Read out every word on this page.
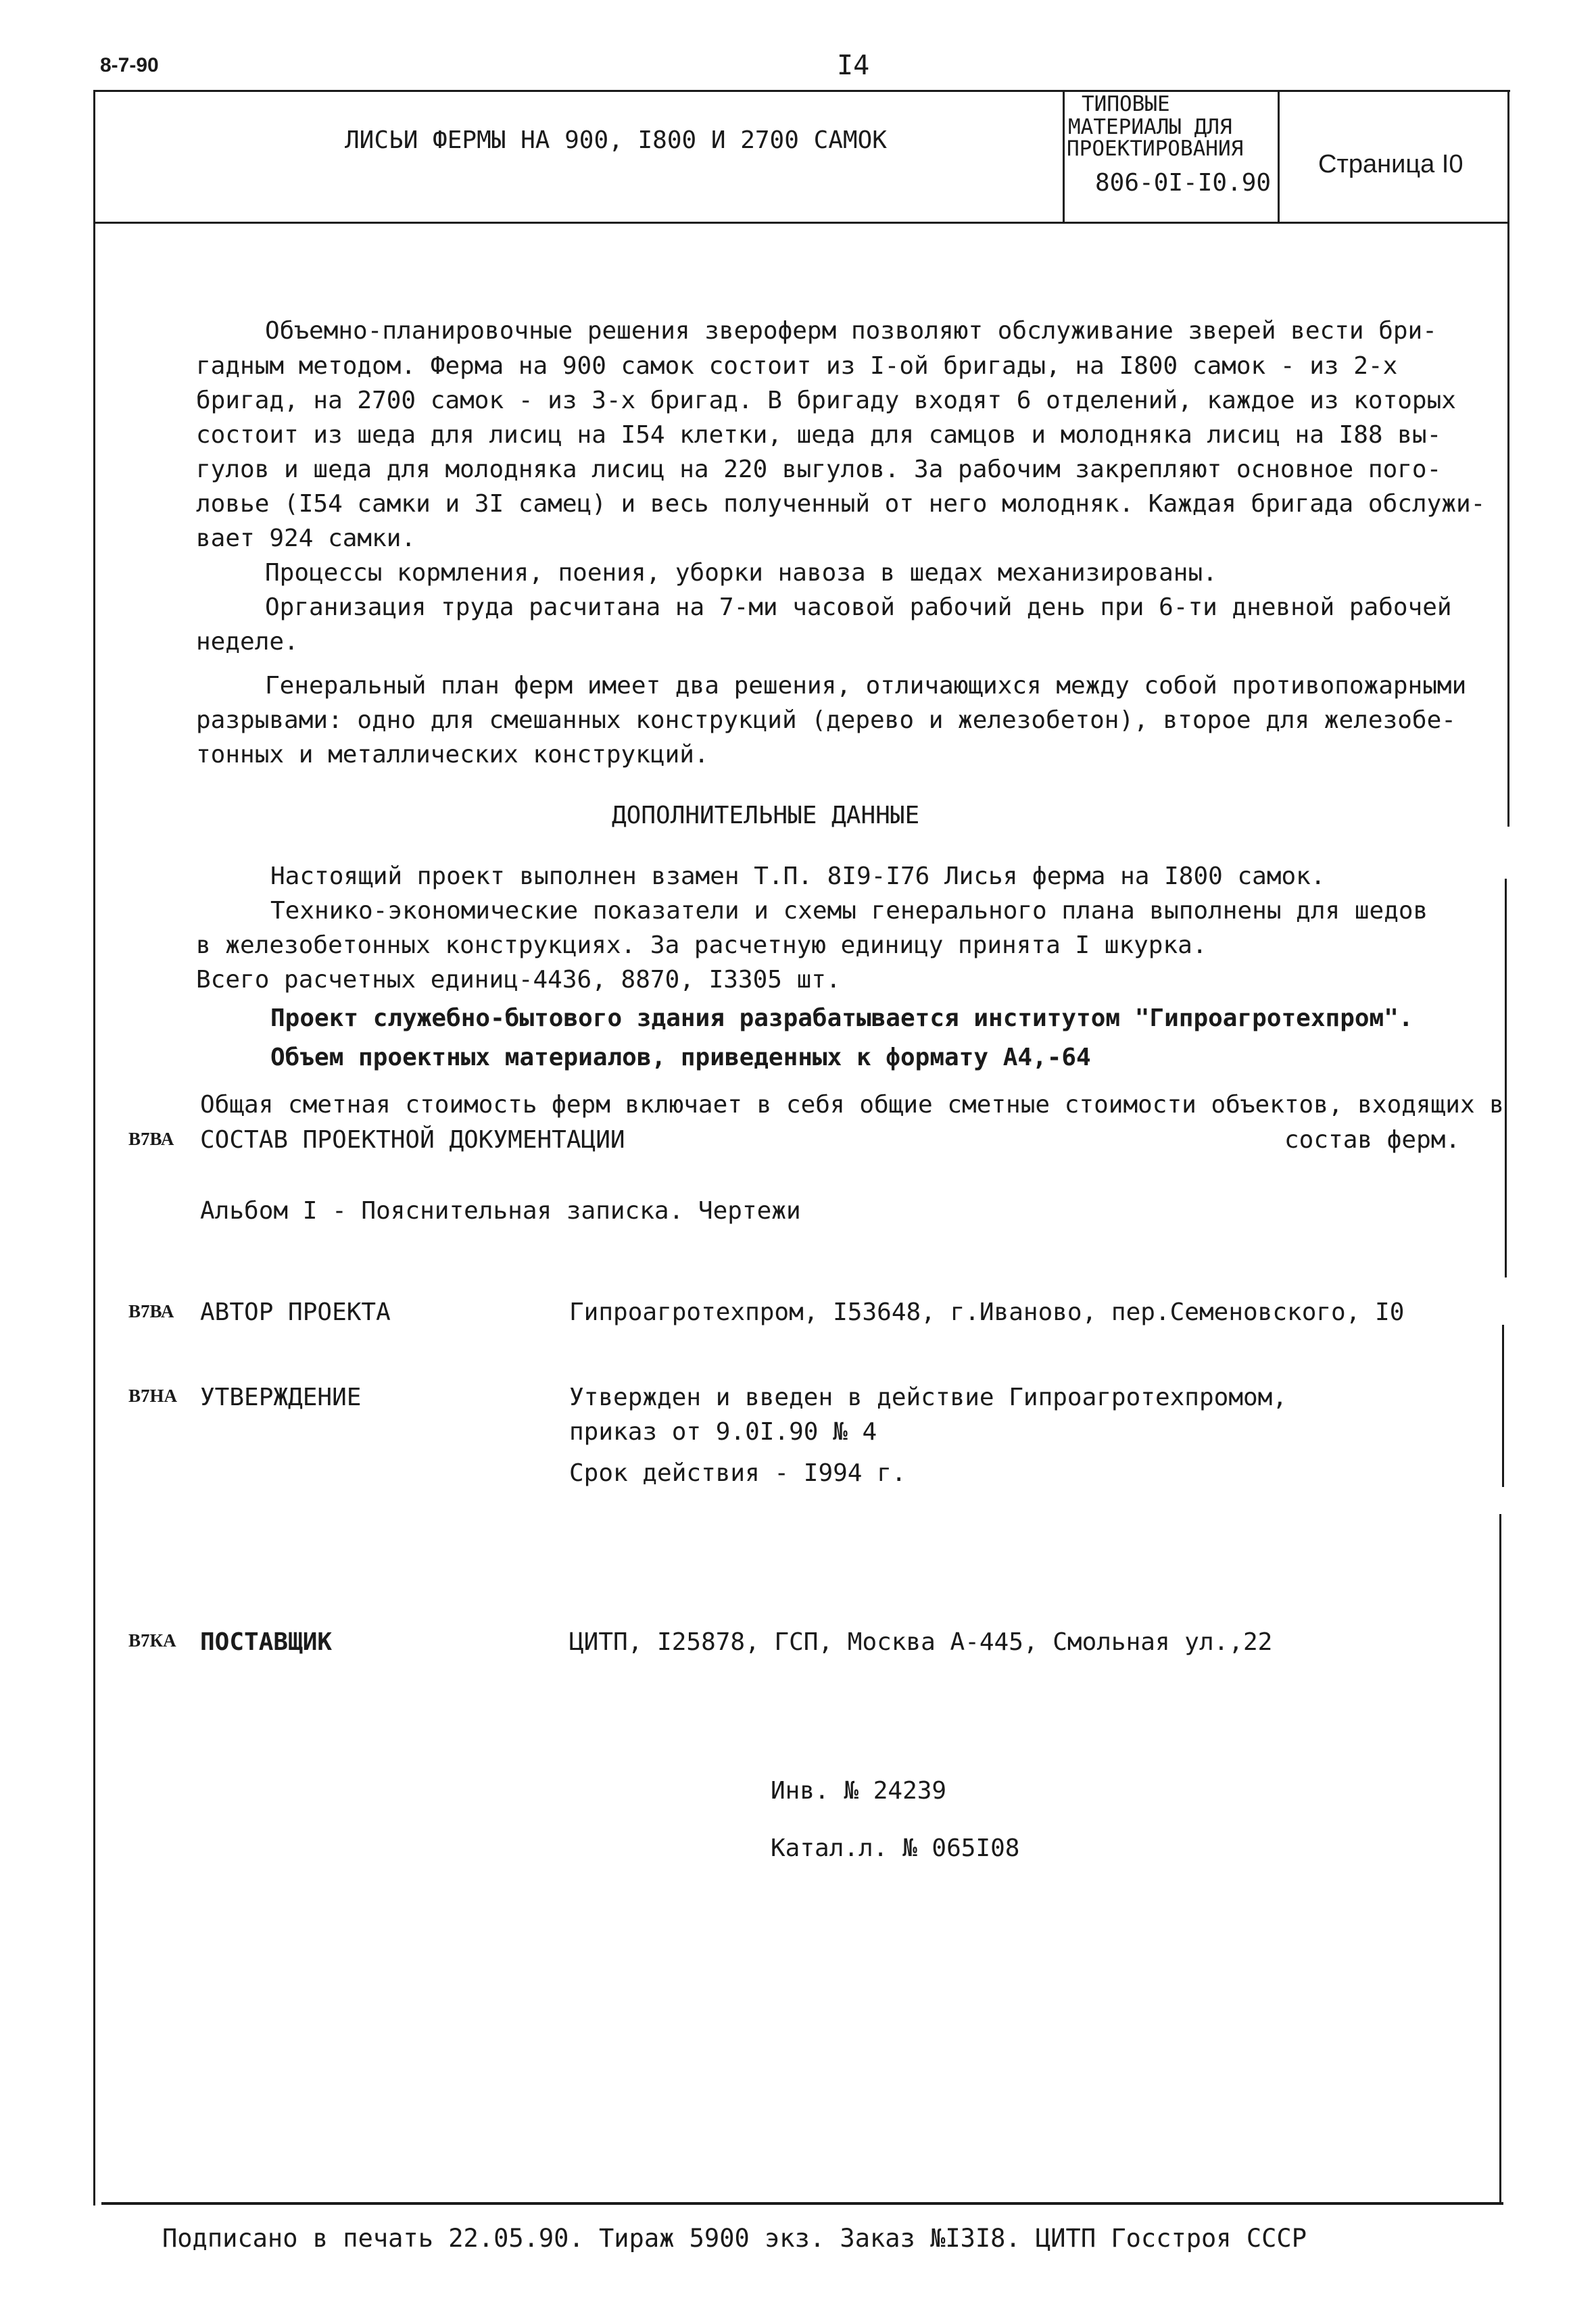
8-7-90	I4
ЛИСЬИ ФЕРМЫ НА 900, I800 И 2700 САМОК
ТИПОВЫЕ
МАТЕРИАЛЫ ДЛЯ
ПРОЕКТИРОВАНИЯ
806-0I-I0.90
Страница I0
Объемно-планировочные решения звероферм позволяют обслуживание зверей вести бри-
гадным методом. Ферма на 900 самок состоит из I-ой бригады, на I800 самок - из 2-х
бригад, на 2700 самок - из 3-х бригад. В бригаду входят 6 отделений, каждое из которых
состоит из шеда для лисиц на I54 клетки, шеда для самцов и молодняка лисиц на I88 вы-
гулов и шеда для молодняка лисиц на 220 выгулов. За рабочим закрепляют основное пого-
ловье (I54 самки и 3I самец) и весь полученный от него молодняк. Каждая бригада обслужи-
вает 924 самки.
Процессы кормления, поения, уборки навоза в шедах механизированы.
Организация труда расчитана на 7-ми часовой рабочий день при 6-ти дневной рабочей
неделе.
Генеральный план ферм имеет два решения, отличающихся между собой противопожарными
разрывами: одно для смешанных конструкций (дерево и железобетон), второе для железобе-
тонных и металлических конструкций.
ДОПОЛНИТЕЛЬНЫЕ ДАННЫЕ
Настоящий проект выполнен взамен Т.П. 8I9-I76 Лисья ферма на I800 самок.
Технико-экономические показатели и схемы генерального плана выполнены для шедов
в железобетонных конструкциях. За расчетную единицу принята I шкурка.
Всего расчетных единиц-4436, 8870, I3305 шт.
Проект служебно-бытового здания разрабатывается институтом "Гипроагротехпром".
Объем проектных материалов, приведенных к формату А4,-64
Общая сметная стоимость ферм включает в себя общие сметные стоимости объектов, входящих в
В7ВА СОСТАВ ПРОЕКТНОЙ ДОКУМЕНТАЦИИ	состав ферм.
Альбом I - Пояснительная записка. Чертежи
В7ВА АВТОР ПРОЕКТА	Гипроагротехпром, I53648, г.Иваново, пер.Семеновского, I0
В7НА УТВЕРЖДЕНИЕ	Утвержден и введен в действие Гипроагротехпромом,
приказ от 9.0I.90 № 4
Срок действия - I994 г.
В7КА ПОСТАВЩИК	ЦИТП, I25878, ГСП, Москва А-445, Смольная ул.,22
Инв. № 24239
Катал.л. № 065I08
Подписано в печать 22.05.90. Тираж 5900 экз. Заказ №I3I8. ЦИТП Госстроя СССР
